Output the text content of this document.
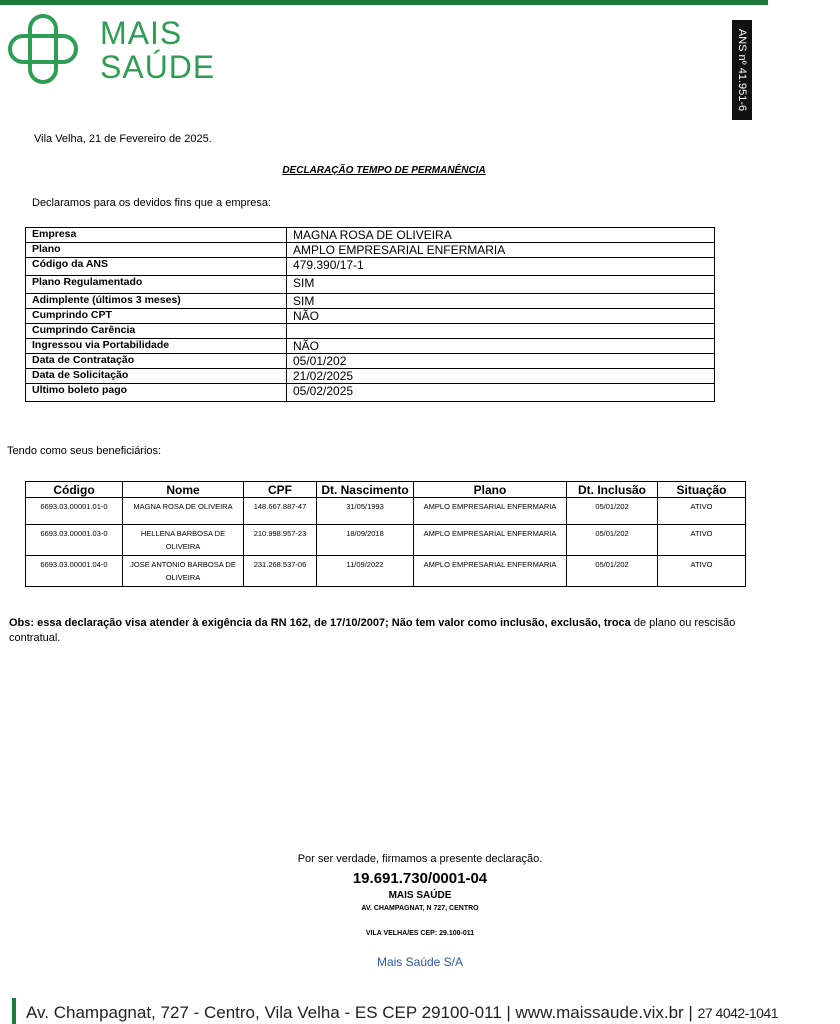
MAIS
SAÚDE	ANS nº 41.951-6
Vila Velha, 21 de Fevereiro de 2025.
DECLARAÇÃO TEMPO DE PERMANÊNCIA
Declaramos para os devidos fins que a empresa:
Empresa	MAGNA ROSA DE OLIVEIRA
Plano	AMPLO EMPRESARIAL ENFERMARIA
Código da ANS	479.390/17-1
Plano Regulamentado	SIM
Adimplente (últimos 3 meses)	SIM
Cumprindo CPT	NÃO
Cumprindo Carência	
Ingressou via Portabilidade	NÃO
Data de Contratação	05/01/202
Data de Solicitação	21/02/2025
Ultimo boleto pago	05/02/2025
Tendo como seus beneficiários:
Código	Nome	CPF	Dt. Nascimento	Plano	Dt. Inclusão	Situação
6693.03.00001.01-0	MAGNA ROSA DE OLIVEIRA	148.667.887-47	31/05/1993	AMPLO EMPRESARIAL ENFERMARIA	05/01/202	ATIVO
6693.03.00001.03-0	HELLENA BARBOSA DE OLIVEIRA	210.998.957-23	18/09/2018	AMPLO EMPRESARIAL ENFERMARIA	05/01/202	ATIVO
6693.03.00001.04-0	JOSE ANTONIO BARBOSA DE OLIVEIRA	231.268.537-06	11/09/2022	AMPLO EMPRESARIAL ENFERMARIA	05/01/202	ATIVO
Obs: essa declaração visa atender à exigência da RN 162, de 17/10/2007; Não tem valor como inclusão, exclusão, troca de plano ou rescisão contratual.
Por ser verdade, firmamos a presente declaração.
19.691.730/0001-04
MAIS SAÚDE
AV. CHAMPAGNAT, N 727, CENTRO
VILA VELHA/ES CEP: 29.100-011
Mais Saúde S/A
Av. Champagnat, 727 - Centro, Vila Velha - ES CEP 29100-011 | www.maissaude.vix.br | 27 4042-1041
